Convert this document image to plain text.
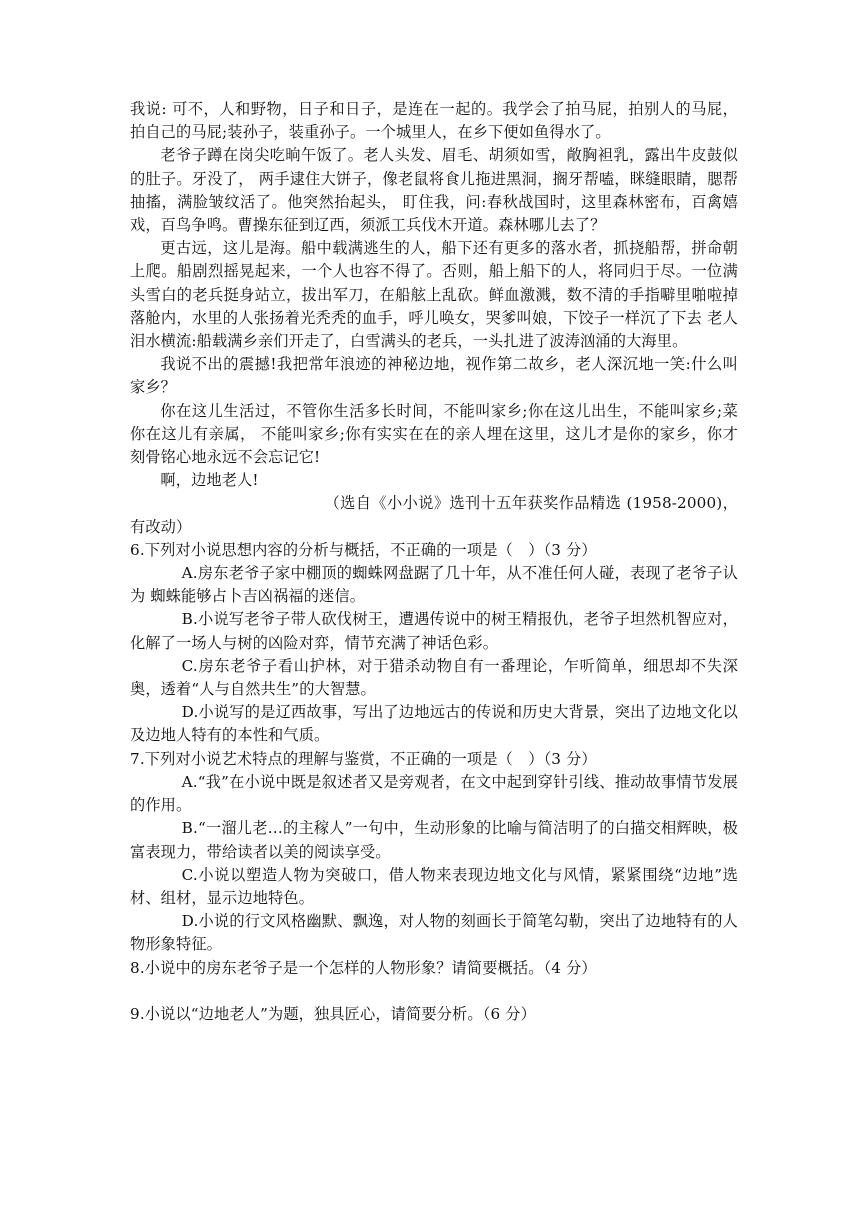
我说: 可不，人和野物，日子和日子，是连在一起的。我学会了拍马屁，拍别人的马屁，拍自己的马屁;装孙子，装重孙子。一个城里人，在乡下便如鱼得水了。

老爷子蹲在岗尖吃晌午饭了。老人头发、眉毛、胡须如雪，敞胸袒乳，露出牛皮鼓似的肚子。牙没了， 两手逮住大饼子，像老鼠将食儿拖进黑洞，搁牙帮嗑，眯缝眼睛，腮帮抽搐，满脸皱纹活了。他突然抬起头， 盯住我，问:春秋战国时，这里森林密布，百禽嬉戏，百鸟争鸣。曹操东征到辽西，须派工兵伐木开道。森林哪儿去了？

更古远，这儿是海。船中载满逃生的人，船下还有更多的落水者，抓挠船帮，拼命朝上爬。船剧烈摇晃起来，一个人也容不得了。否则，船上船下的人，将同归于尽。一位满头雪白的老兵挺身站立，拔出军刀，在船舷上乱砍。鲜血激溅，数不清的手指噼里啪啦掉落舱内，水里的人张扬着光秃秃的血手，呼儿唤女，哭爹叫娘，下饺子一样沉了下去 老人泪水横流:船载满乡亲们开走了，白雪满头的老兵，一头扎进了波涛汹涌的大海里。

我说不出的震撼!我把常年浪迹的神秘边地，视作第二故乡，老人深沉地一笑:什么叫家乡？

你在这儿生活过，不管你生活多长时间，不能叫家乡;你在这儿出生，不能叫家乡;菜你在这儿有亲属， 不能叫家乡;你有实实在在的亲人埋在这里，这儿才是你的家乡，你才刻骨铭心地永远不会忘记它!

啊，边地老人!

（选自《小小说》选刊十五年获奖作品精选 (1958-2000)，有改动）

6.下列对小说思想内容的分析与概括，不正确的一项是（　）（3 分）

A.房东老爷子家中棚顶的蜘蛛网盘踞了几十年，从不准任何人碰，表现了老爷子认为 蜘蛛能够占卜吉凶祸福的迷信。

B.小说写老爷子带人砍伐树王，遭遇传说中的树王精报仇，老爷子坦然机智应对，化解了一场人与树的凶险对弈，情节充满了神话色彩。

C.房东老爷子看山护林，对于猎杀动物自有一番理论，乍听简单，细思却不失深奥，透着“人与自然共生”的大智慧。

D.小说写的是辽西故事，写出了边地远古的传说和历史大背景，突出了边地文化以及边地人特有的本性和气质。

7.下列对小说艺术特点的理解与鉴赏，不正确的一项是（　）（3 分）

A.“我”在小说中既是叙述者又是旁观者，在文中起到穿针引线、推动故事情节发展的作用。

B.“一溜儿老…的主稼人”一句中，生动形象的比喻与简洁明了的白描交相辉映，极富表现力，带给读者以美的阅读享受。

C.小说以塑造人物为突破口，借人物来表现边地文化与风情，紧紧围绕“边地”选材、组材，显示边地特色。

D.小说的行文风格幽默、飘逸，对人物的刻画长于简笔勾勒，突出了边地特有的人物形象特征。

8.小说中的房东老爷子是一个怎样的人物形象？请简要概括。（4 分）

9.小说以“边地老人”为题，独具匠心，请简要分析。（6 分）
